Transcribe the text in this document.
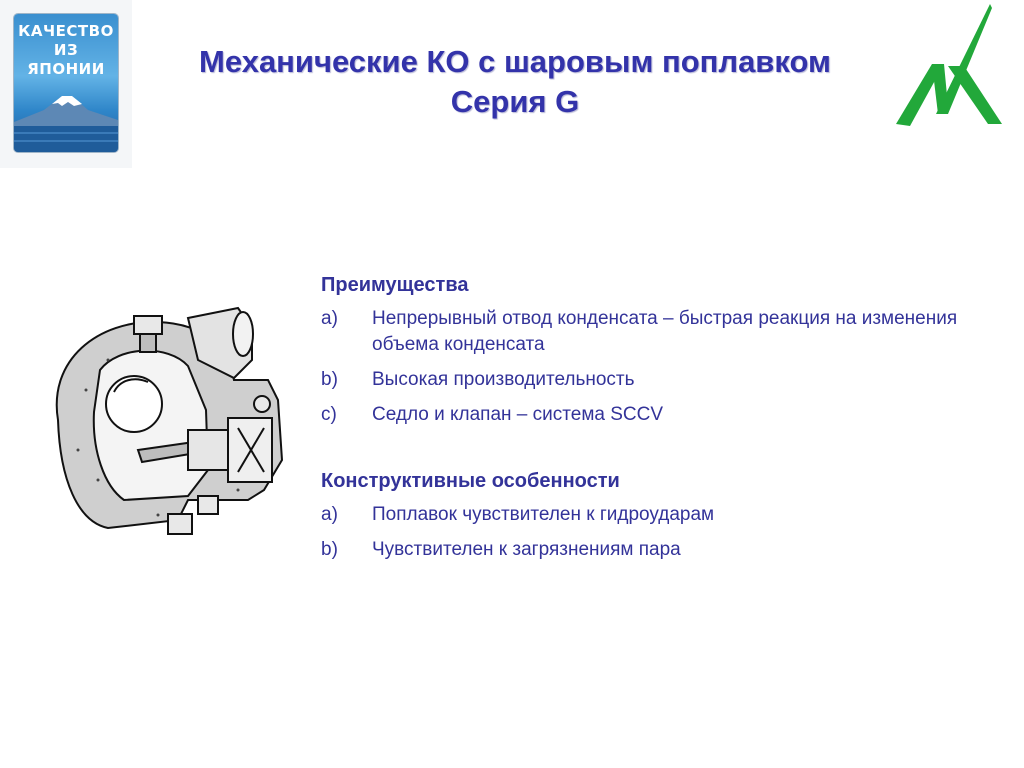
КАЧЕСТВО
ИЗ
ЯПОНИИ	Механические КО с шаровым поплавком
Серия G
Преимущества
a)	Непрерывный отвод конденсата – быстрая реакция на изменения объема конденсата
b)	Высокая производительность
c)	Седло и клапан – система SCCV
Конструктивные особенности
a)	Поплавок чувствителен к гидроударам
b)	Чувствителен к загрязнениям пара
